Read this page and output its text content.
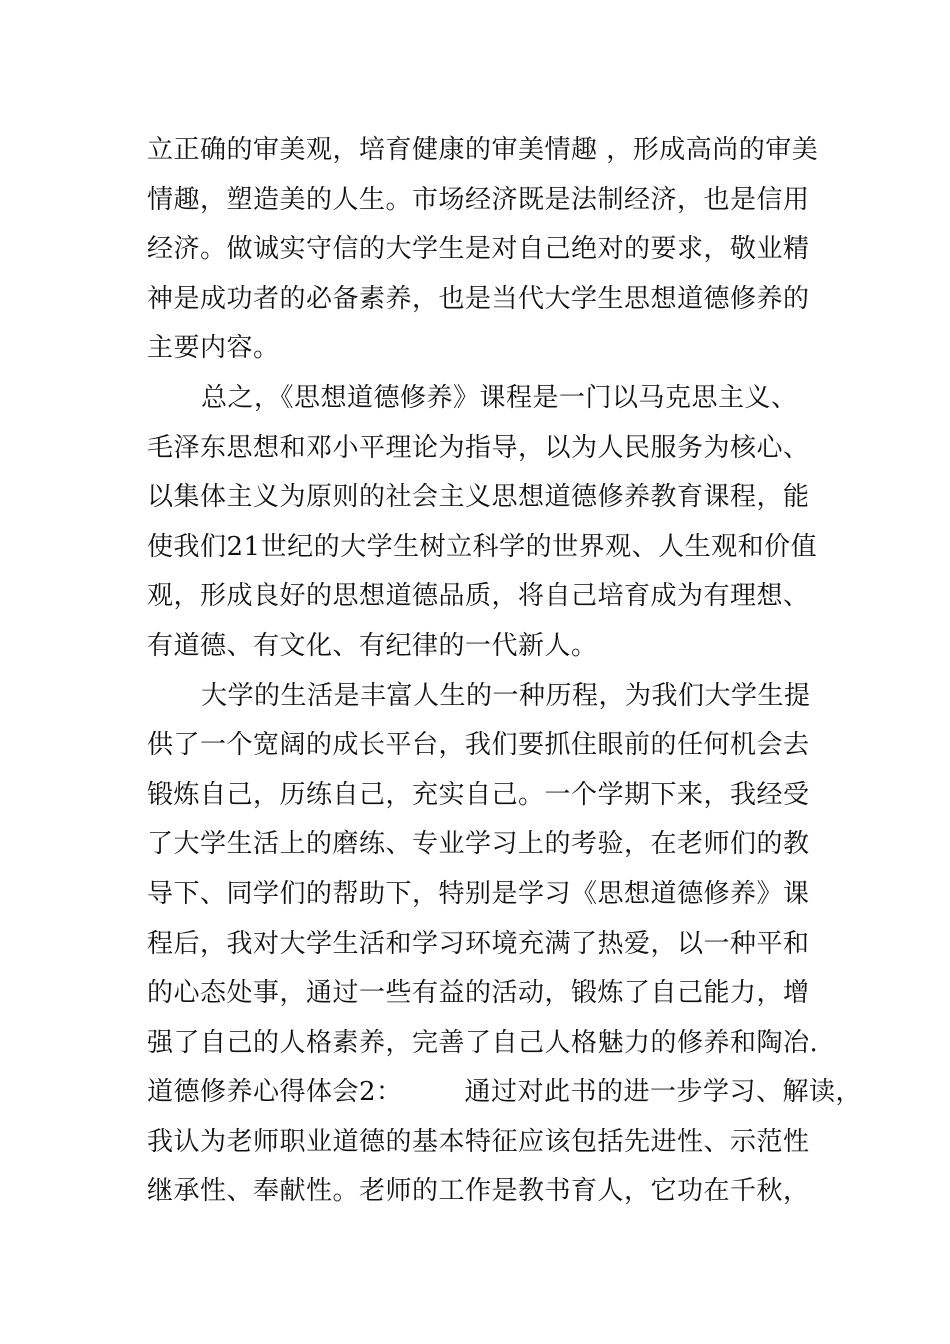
立正确的审美观，培育健康的审美情趣 ，形成高尚的审美
情趣，塑造美的人生。市场经济既是法制经济，也是信用
经济。做诚实守信的大学生是对自己绝对的要求，敬业精
神是成功者的必备素养，也是当代大学生思想道德修养的
主要内容。
总之，《思想道德修养》课程是一门以马克思主义、
毛泽东思想和邓小平理论为指导，以为人民服务为核心、
以集体主义为原则的社会主义思想道德修养教育课程，能
使我们21世纪的大学生树立科学的世界观、人生观和价值
观，形成良好的思想道德品质，将自己培育成为有理想、
有道德、有文化、有纪律的一代新人。
大学的生活是丰富人生的一种历程，为我们大学生提
供了一个宽阔的成长平台，我们要抓住眼前的任何机会去
锻炼自己，历练自己，充实自己。一个学期下来，我经受
了大学生活上的磨练、专业学习上的考验，在老师们的教
导下、同学们的帮助下，特别是学习《思想道德修养》课
程后，我对大学生活和学习环境充满了热爱，以一种平和
的心态处事，通过一些有益的活动，锻炼了自己能力，增
强了自己的人格素养，完善了自己人格魅力的修养和陶冶.
道德修养心得体会2： 通过对此书的进一步学习、解读，
我认为老师职业道德的基本特征应该包括先进性、示范性
继承性、奉献性。老师的工作是教书育人，它功在千秋，
